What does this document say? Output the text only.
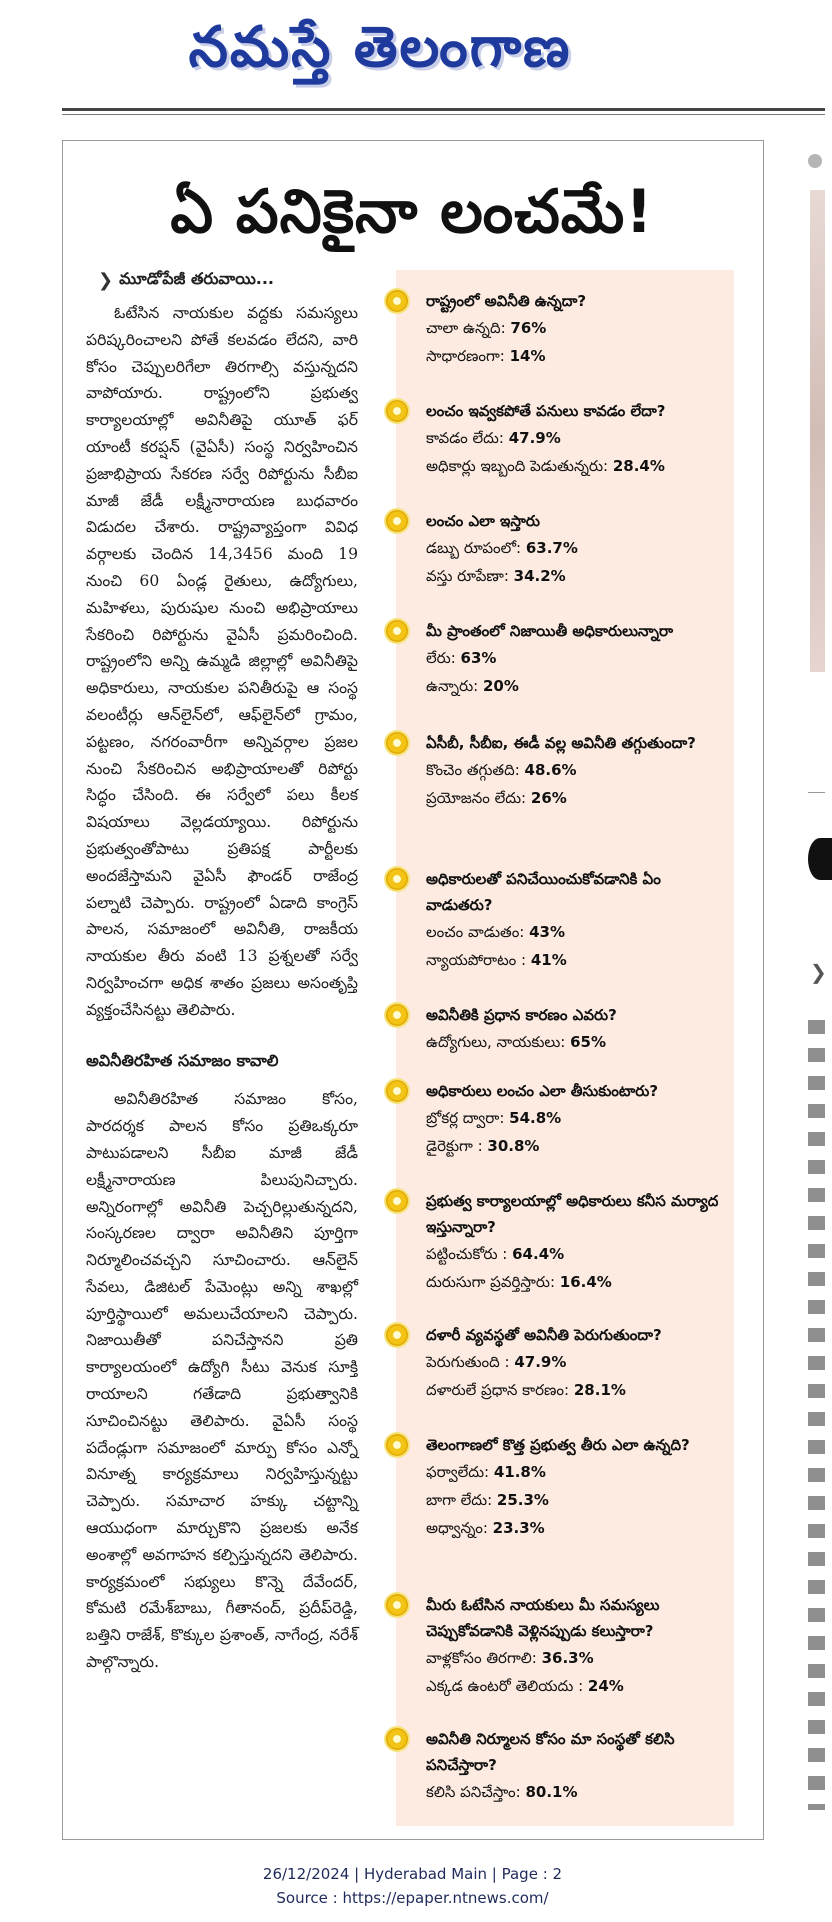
నమస్తే తెలంగాణ
ఏ పనికైనా లంచమే!
❯ మూడోపేజీ తరువాయి...

ఓటేసిన నాయకుల వద్దకు సమస్యలు పరిష్కరించాలని పోతే కలవడం లేదని, వారి కోసం చెప్పులరిగేలా తిరగాల్సి వస్తున్నదని వాపోయారు. రాష్ట్రంలోని ప్రభుత్వ కార్యాలయాల్లో అవినీతిపై యూత్ ఫర్ యాంటీ కరప్షన్ (వైఏసీ) సంస్థ నిర్వహించిన ప్రజాభిప్రాయ సేకరణ సర్వే రిపోర్టును సీబీఐ మాజీ జేడీ లక్ష్మీనారాయణ బుధవారం విడుదల చేశారు. రాష్ట్రవ్యాప్తంగా వివిధ వర్గాలకు చెందిన 14,3456 మంది 19 నుంచి 60 ఏండ్ల రైతులు, ఉద్యోగులు, మహిళలు, పురుషుల నుంచి అభిప్రాయాలు సేకరించి రిపోర్టును వైఏసీ ప్రమరించింది. రాష్ట్రంలోని అన్ని ఉమ్మడి జిల్లాల్లో అవినీతిపై అధికారులు, నాయకుల పనితీరుపై ఆ సంస్థ వలంటీర్లు ఆన్‌లైన్‌లో, ఆఫ్‌లైన్‌లో గ్రామం, పట్టణం, నగరంవారీగా అన్నివర్గాల ప్రజల నుంచి సేకరించిన అభిప్రాయాలతో రిపోర్టు సిద్ధం చేసింది. ఈ సర్వేలో పలు కీలక విషయాలు వెల్లడయ్యాయి. రిపోర్టును ప్రభుత్వంతోపాటు ప్రతిపక్ష పార్టీలకు అందజేస్తామని వైఏసీ ఫౌండర్ రాజేంద్ర పల్నాటి చెప్పారు. రాష్ట్రంలో ఏడాది కాంగ్రెస్ పాలన, సమాజంలో అవినీతి, రాజకీయ నాయకుల తీరు వంటి 13 ప్రశ్నలతో సర్వే నిర్వహించగా అధిక శాతం ప్రజలు అసంతృప్తి వ్యక్తంచేసినట్టు తెలిపారు.

అవినీతిరహిత సమాజం కావాలి

అవినీతిరహిత సమాజం కోసం, పారదర్శక పాలన కోసం ప్రతిఒక్కరూ పాటుపడాలని సీబీఐ మాజీ జేడీ లక్ష్మీనారాయణ పిలుపునిచ్చారు. అన్నిరంగాల్లో అవినీతి పెచ్చరిల్లుతున్నదని, సంస్కరణల ద్వారా అవినీతిని పూర్తిగా నిర్మూలించవచ్చని సూచించారు. ఆన్‌లైన్ సేవలు, డిజిటల్ పేమెంట్లు అన్ని శాఖల్లో పూర్తిస్థాయిలో అమలుచేయాలని చెప్పారు. నిజాయితీతో పనిచేస్తానని ప్రతి కార్యాలయంలో ఉద్యోగి సీటు వెనుక సూక్తి రాయాలని గతేడాది ప్రభుత్వానికి సూచించినట్టు తెలిపారు. వైఏసీ సంస్థ పదేండ్లుగా సమాజంలో మార్పు కోసం ఎన్నో వినూత్న కార్యక్రమాలు నిర్వహిస్తున్నట్టు చెప్పారు. సమాచార హక్కు చట్టాన్ని ఆయుధంగా మార్చుకొని ప్రజలకు అనేక అంశాల్లో అవగాహన కల్పిస్తున్నదని తెలిపారు. కార్యక్రమంలో సభ్యులు కొన్నె దేవేందర్, కోమటి రమేశ్‌బాబు, గీతానంద్, ప్రదీప్‌రెడ్డి, బత్తిని రాజేశ్, కొక్కుల ప్రశాంత్, నాగేంద్ర, నరేశ్ పాల్గొన్నారు.

రాష్ట్రంలో అవినీతి ఉన్నదా?
చాలా ఉన్నది: 76%
సాధారణంగా: 14%
లంచం ఇవ్వకపోతే పనులు కావడం లేదా?
కావడం లేదు: 47.9%
అధికార్లు ఇబ్బంది పెడుతున్నరు: 28.4%
లంచం ఎలా ఇస్తారు
డబ్బు రూపంలో: 63.7%
వస్తు రూపేణా: 34.2%
మీ ప్రాంతంలో నిజాయితీ అధికారులున్నారా
లేరు: 63%
ఉన్నారు: 20%
ఏసీబీ, సీబీఐ, ఈడీ వల్ల అవినీతి తగ్గుతుందా?
కొంచెం తగ్గుతది: 48.6%
ప్రయోజనం లేదు: 26%
అధికారులతో పనిచేయించుకోవడానికి ఏం వాడుతరు?
లంచం వాడుతం: 43%
న్యాయపోరాటం : 41%
అవినీతికి ప్రధాన కారణం ఎవరు?
ఉద్యోగులు, నాయకులు: 65%
అధికారులు లంచం ఎలా తీసుకుంటారు?
బ్రోకర్ల ద్వారా: 54.8%
డైరెక్టుగా : 30.8%
ప్రభుత్వ కార్యాలయాల్లో అధికారులు కనీస మర్యాద ఇస్తున్నారా?
పట్టించుకోరు : 64.4%
దురుసుగా ప్రవర్తిస్తారు: 16.4%
దళారీ వ్యవస్థతో అవినీతి పెరుగుతుందా?
పెరుగుతుంది : 47.9%
దళారులే ప్రధాన కారణం: 28.1%
తెలంగాణలో కొత్త ప్రభుత్వ తీరు ఎలా ఉన్నది?
ఫర్వాలేదు: 41.8%
బాగా లేదు: 25.3%
అధ్వాన్నం: 23.3%
మీరు ఓటేసిన నాయకులు మీ సమస్యలు చెప్పుకోవడానికి వెళ్లినప్పుడు కలుస్తారా?
వాళ్లకోసం తిరగాలి: 36.3%
ఎక్కడ ఉంటరో తెలియదు : 24%
అవినీతి నిర్మూలన కోసం మా సంస్థతో కలిసి పనిచేస్తారా?
కలిసి పనిచేస్తాం: 80.1%
❯
26/12/2024 | Hyderabad Main | Page : 2
Source : https://epaper.ntnews.com/
